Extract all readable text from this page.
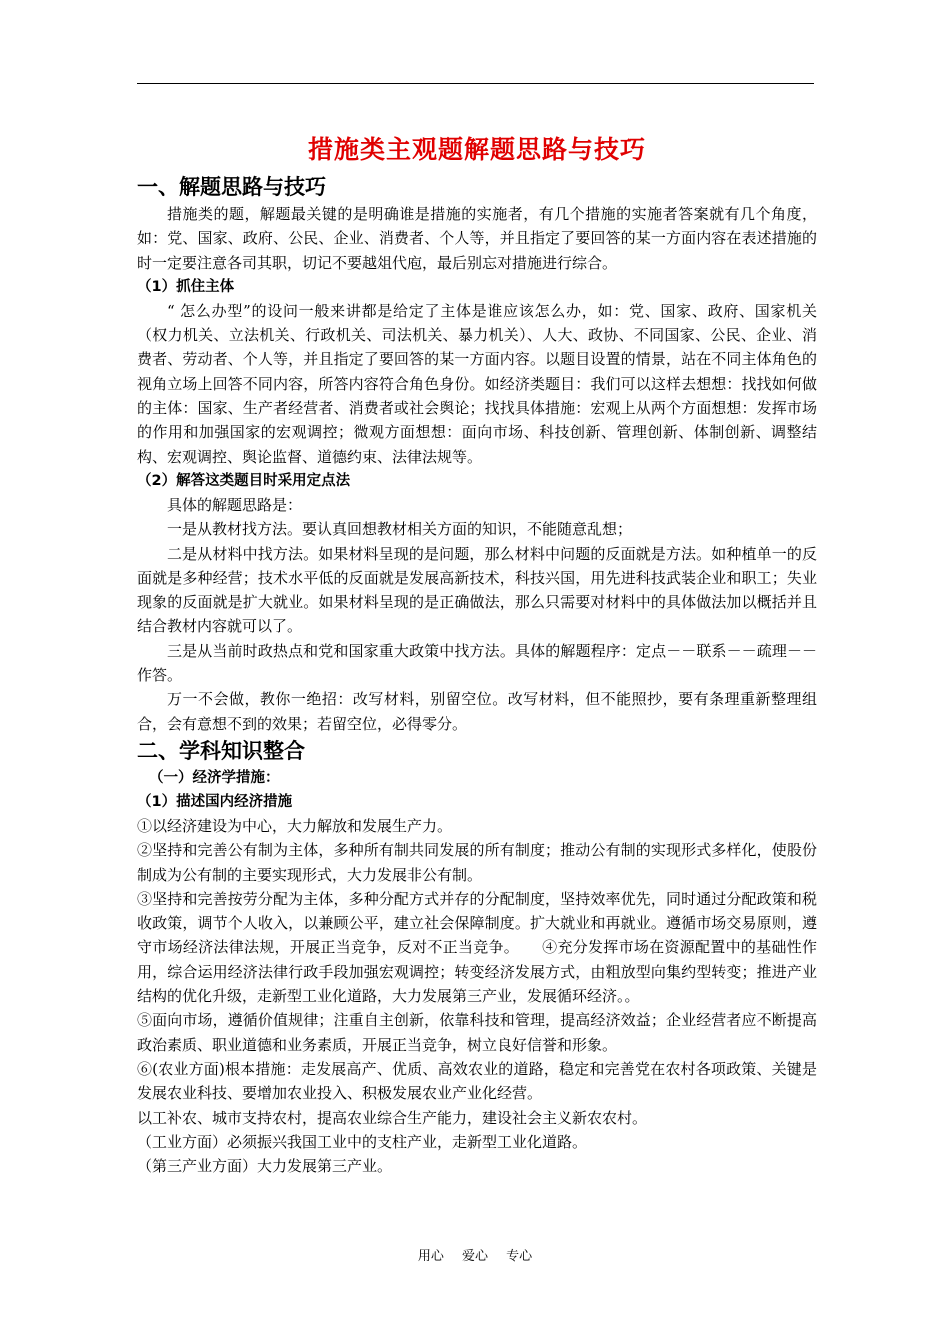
措施类主观题解题思路与技巧
一、解题思路与技巧

措施类的题，解题最关键的是明确谁是措施的实施者，有几个措施的实施者答案就有几个角度，如：党、国家、政府、公民、企业、消费者、个人等，并且指定了要回答的某一方面内容在表述措施的时一定要注意各司其职，切记不要越俎代庖，最后别忘对措施进行综合。

（1）抓住主体

“ 怎么办型”的设问一般来讲都是给定了主体是谁应该怎么办，如：党、国家、政府、国家机关（权力机关、立法机关、行政机关、司法机关、暴力机关）、人大、政协、不同国家、公民、企业、消费者、劳动者、个人等，并且指定了要回答的某一方面内容。以题目设置的情景，站在不同主体角色的视角立场上回答不同内容，所答内容符合角色身份。如经济类题目：我们可以这样去想想：找找如何做的主体：国家、生产者经营者、消费者或社会舆论；找找具体措施：宏观上从两个方面想想：发挥市场的作用和加强国家的宏观调控；微观方面想想：面向市场、科技创新、管理创新、体制创新、调整结构、宏观调控、舆论监督、道德约束、法律法规等。

（2）解答这类题目时采用定点法

具体的解题思路是：

一是从教材找方法。要认真回想教材相关方面的知识，不能随意乱想；

二是从材料中找方法。如果材料呈现的是问题，那么材料中问题的反面就是方法。如种植单一的反面就是多种经营；技术水平低的反面就是发展高新技术，科技兴国，用先进科技武装企业和职工；失业现象的反面就是扩大就业。如果材料呈现的是正确做法，那么只需要对材料中的具体做法加以概括并且结合教材内容就可以了。

三是从当前时政热点和党和国家重大政策中找方法。具体的解题程序：定点－－联系－－疏理－－作答。

万一不会做，教你一绝招：改写材料，别留空位。改写材料，但不能照抄，要有条理重新整理组合，会有意想不到的效果；若留空位，必得零分。

二、学科知识整合
（一）经济学措施：
（1）描述国内经济措施

①以经济建设为中心，大力解放和发展生产力。

②坚持和完善公有制为主体，多种所有制共同发展的所有制度；推动公有制的实现形式多样化，使股份制成为公有制的主要实现形式，大力发展非公有制。

③坚持和完善按劳分配为主体，多种分配方式并存的分配制度，坚持效率优先，同时通过分配政策和税收政策，调节个人收入，以兼顾公平，建立社会保障制度。扩大就业和再就业。遵循市场交易原则，遵守市场经济法律法规，开展正当竞争，反对不正当竞争。　　④充分发挥市场在资源配置中的基础性作用，综合运用经济法律行政手段加强宏观调控；转变经济发展方式，由粗放型向集约型转变；推进产业结构的优化升级，走新型工业化道路，大力发展第三产业，发展循环经济。。

⑤面向市场，遵循价值规律；注重自主创新，依靠科技和管理，提高经济效益；企业经营者应不断提高政治素质、职业道德和业务素质，开展正当竞争，树立良好信誉和形象。

⑥(农业方面)根本措施：走发展高产、优质、高效农业的道路，稳定和完善党在农村各项政策、关键是发展农业科技、要增加农业投入、积极发展农业产业化经营。

以工补农、城市支持农村，提高农业综合生产能力，建设社会主义新农农村。

（工业方面）必须振兴我国工业中的支柱产业，走新型工业化道路。

（第三产业方面）大力发展第三产业。

用心 爱心 专心
